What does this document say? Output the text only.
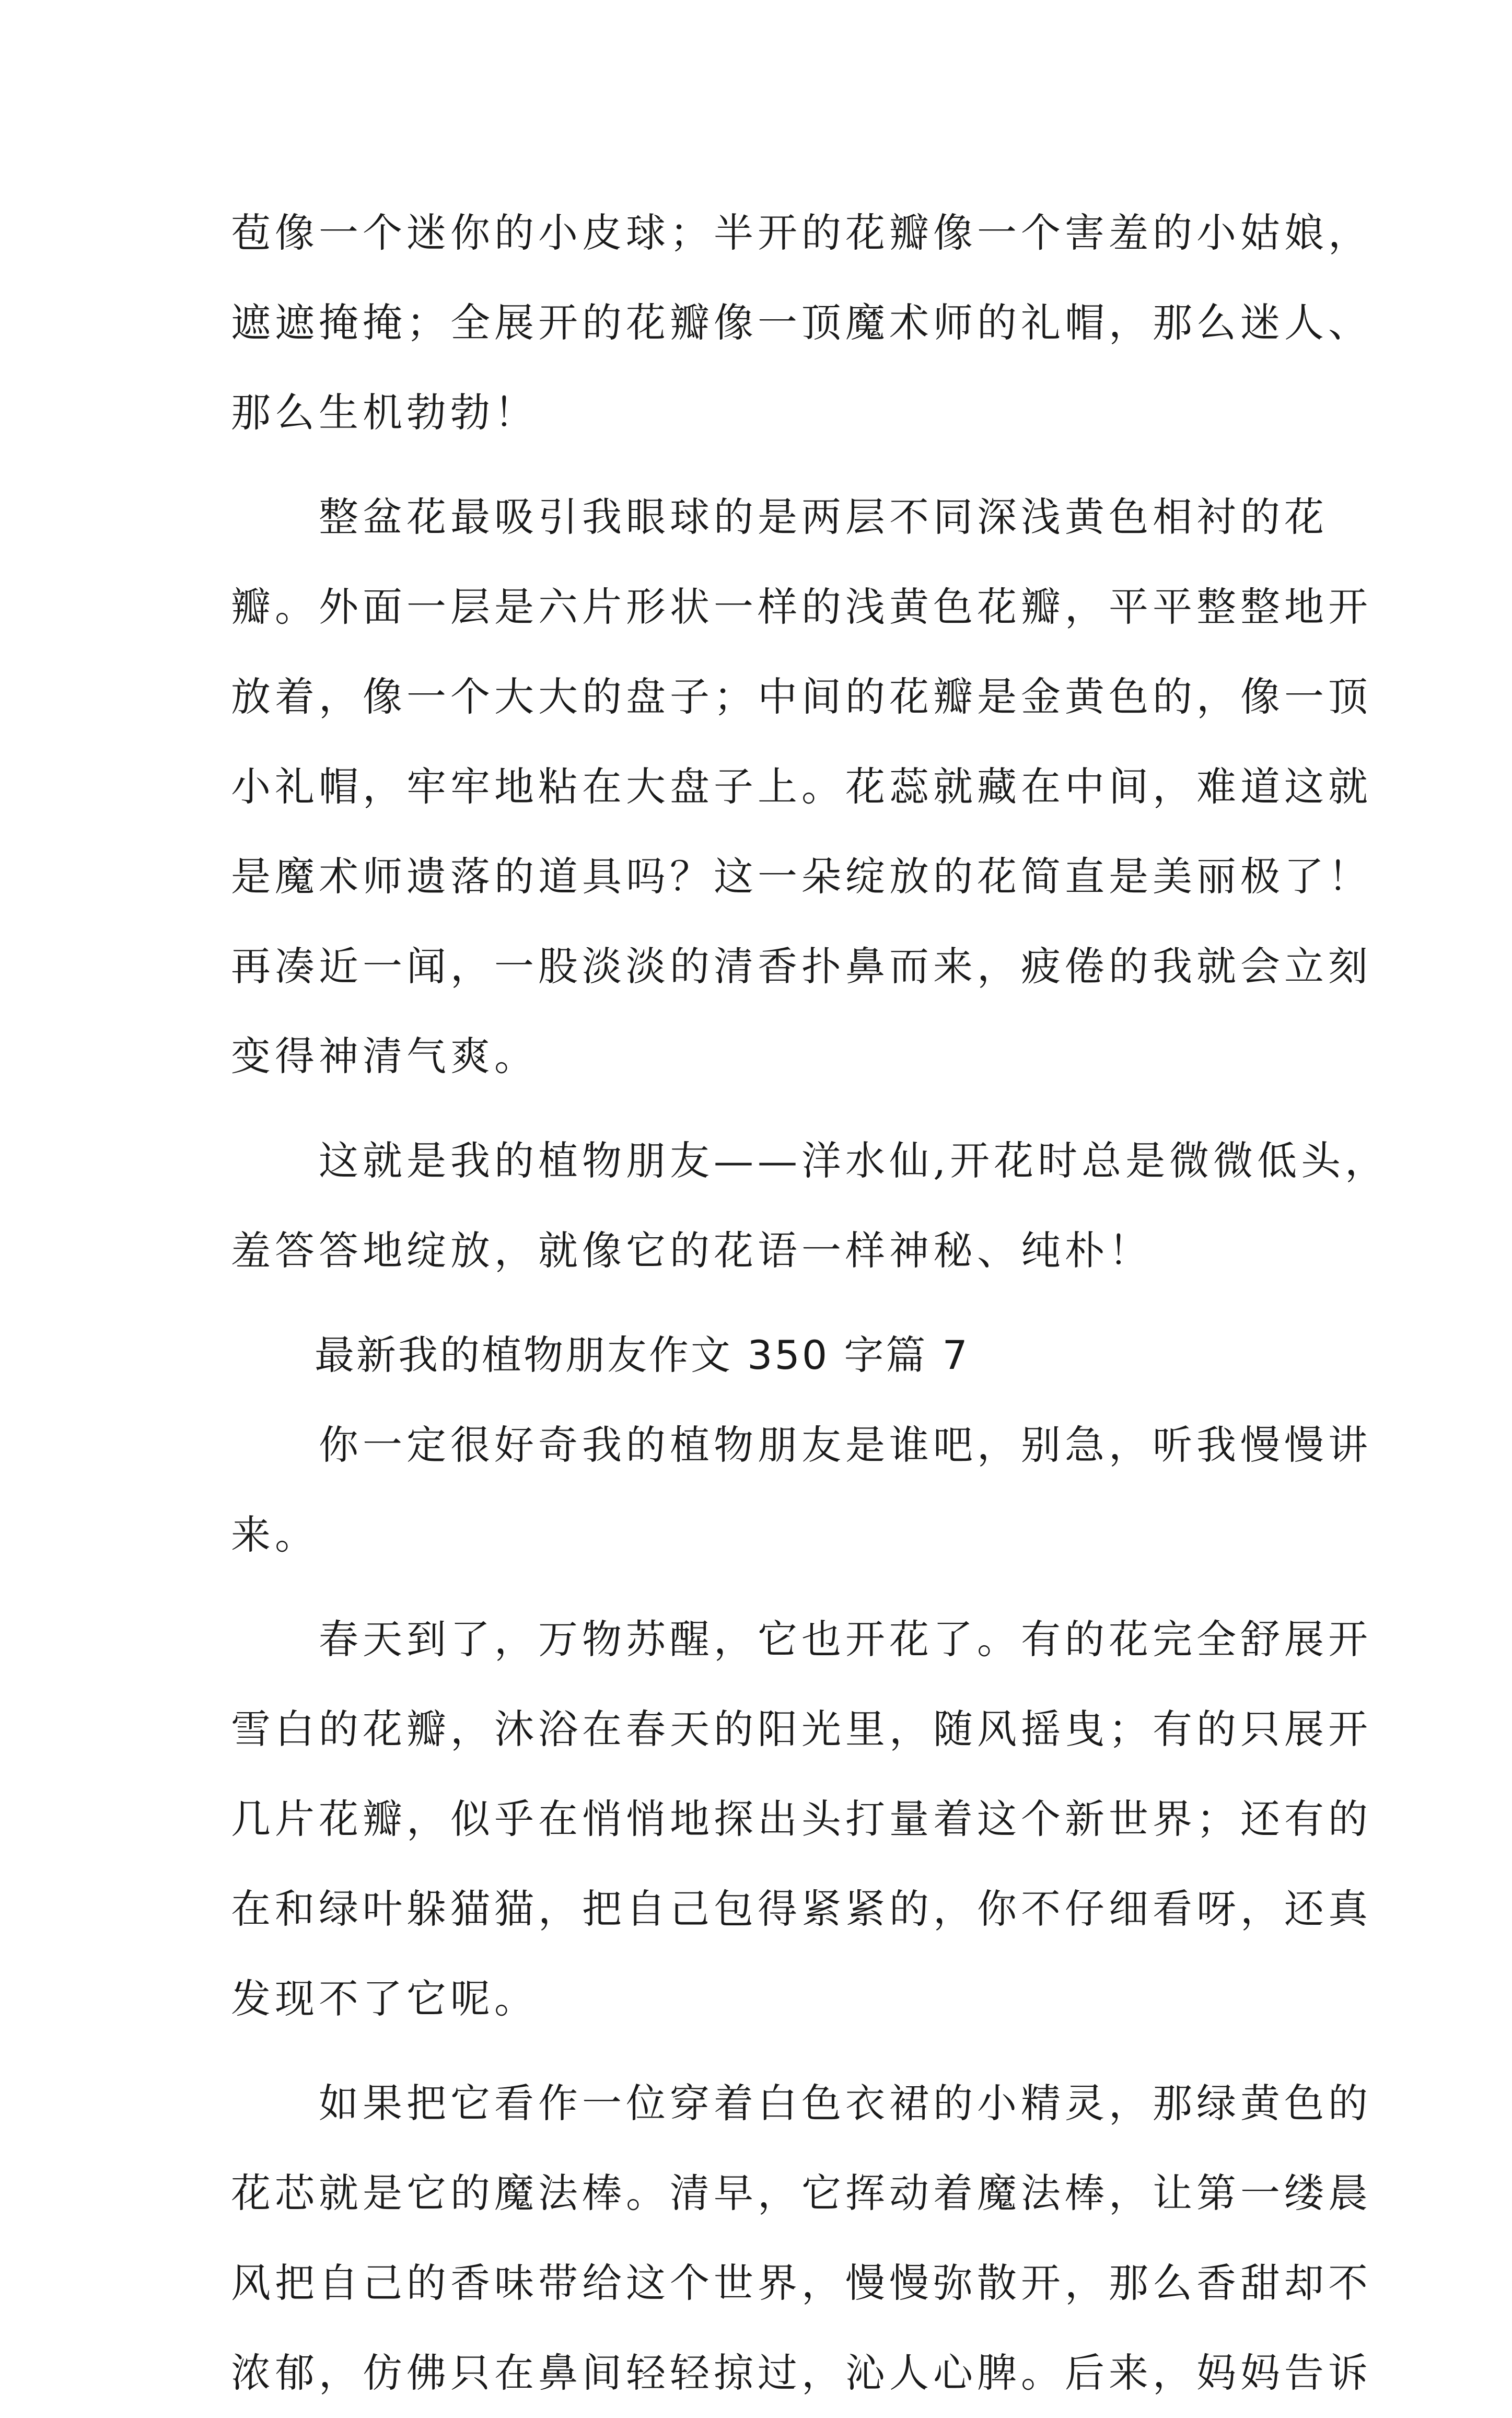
苞像一个迷你的小皮球；半开的花瓣像一个害羞的小姑娘，
遮遮掩掩；全展开的花瓣像一顶魔术师的礼帽，那么迷人、
那么生机勃勃！
　　整盆花最吸引我眼球的是两层不同深浅黄色相衬的花
瓣。外面一层是六片形状一样的浅黄色花瓣，平平整整地开
放着，像一个大大的盘子；中间的花瓣是金黄色的，像一顶
小礼帽，牢牢地粘在大盘子上。花蕊就藏在中间，难道这就
是魔术师遗落的道具吗？这一朵绽放的花简直是美丽极了！
再凑近一闻，一股淡淡的清香扑鼻而来，疲倦的我就会立刻
变得神清气爽。
　　这就是我的植物朋友——洋水仙,开花时总是微微低头，
羞答答地绽放，就像它的花语一样神秘、纯朴！
　　最新我的植物朋友作文 350 字篇 7
　　你一定很好奇我的植物朋友是谁吧，别急，听我慢慢讲
来。
　　春天到了，万物苏醒，它也开花了。有的花完全舒展开
雪白的花瓣，沐浴在春天的阳光里，随风摇曳；有的只展开
几片花瓣，似乎在悄悄地探出头打量着这个新世界；还有的
在和绿叶躲猫猫，把自己包得紧紧的，你不仔细看呀，还真
发现不了它呢。
　　如果把它看作一位穿着白色衣裙的小精灵，那绿黄色的
花芯就是它的魔法棒。清早，它挥动着魔法棒，让第一缕晨
风把自己的香味带给这个世界，慢慢弥散开，那么香甜却不
浓郁，仿佛只在鼻间轻轻掠过，沁人心脾。后来，妈妈告诉
